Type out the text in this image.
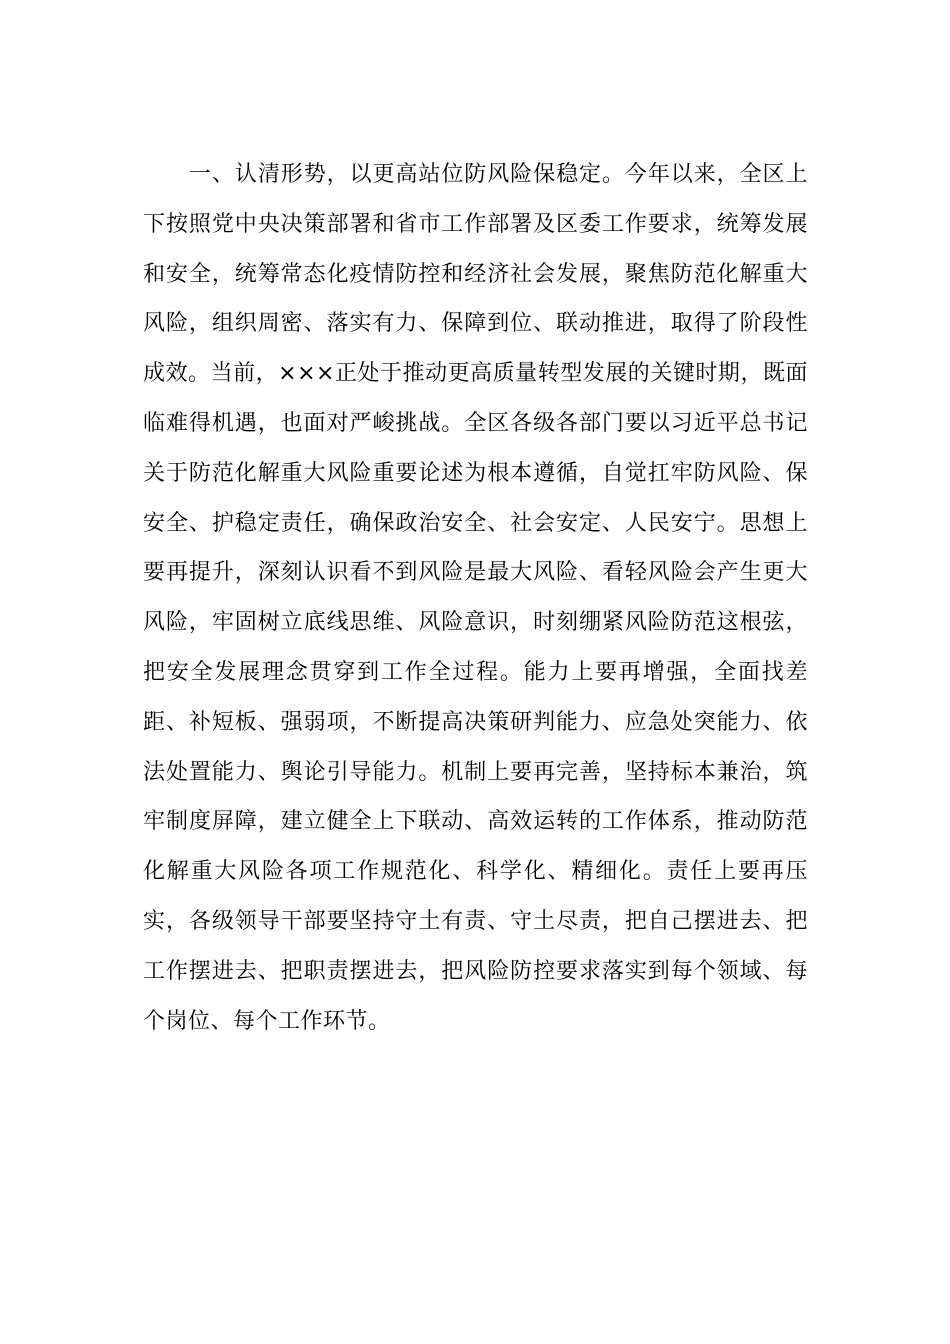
一、认清形势，以更高站位防风险保稳定。今年以来，全区上下按照党中央决策部署和省市工作部署及区委工作要求，统筹发展和安全，统筹常态化疫情防控和经济社会发展，聚焦防范化解重大风险，组织周密、落实有力、保障到位、联动推进，取得了阶段性成效。当前，×××正处于推动更高质量转型发展的关键时期，既面临难得机遇，也面对严峻挑战。全区各级各部门要以习近平总书记关于防范化解重大风险重要论述为根本遵循，自觉扛牢防风险、保安全、护稳定责任，确保政治安全、社会安定、人民安宁。思想上要再提升，深刻认识看不到风险是最大风险、看轻风险会产生更大风险，牢固树立底线思维、风险意识，时刻绷紧风险防范这根弦，把安全发展理念贯穿到工作全过程。能力上要再增强，全面找差距、补短板、强弱项，不断提高决策研判能力、应急处突能力、依法处置能力、舆论引导能力。机制上要再完善，坚持标本兼治，筑牢制度屏障，建立健全上下联动、高效运转的工作体系，推动防范化解重大风险各项工作规范化、科学化、精细化。责任上要再压实，各级领导干部要坚持守土有责、守土尽责，把自己摆进去、把工作摆进去、把职责摆进去，把风险防控要求落实到每个领域、每个岗位、每个工作环节。
